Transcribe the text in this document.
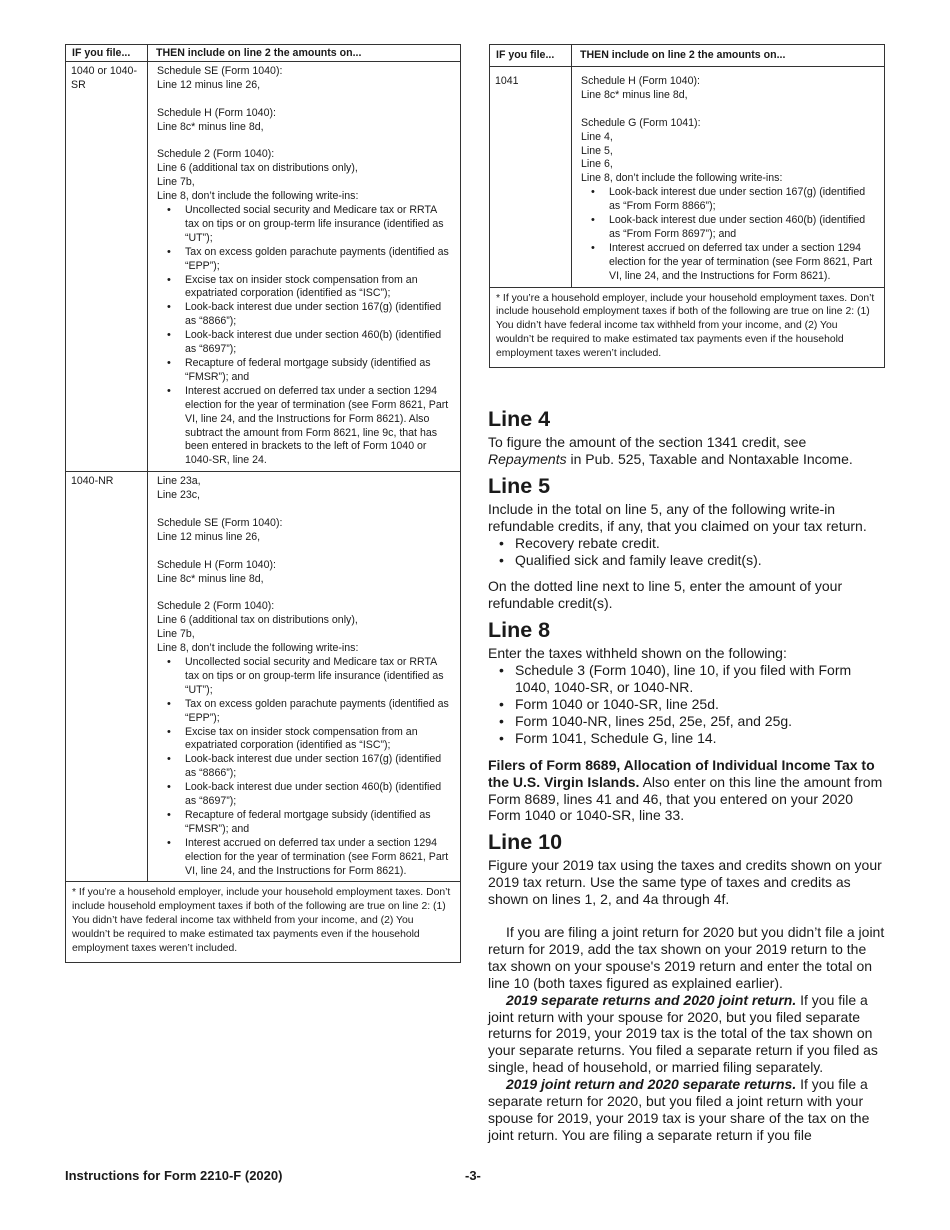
IF you file...	THEN include on line 2 the amounts on...
1040 or 1040-SR
Schedule SE (Form 1040):
Line 12 minus line 26,
Schedule H (Form 1040):
Line 8c* minus line 8d,
Schedule 2 (Form 1040):
Line 6 (additional tax on distributions only),
Line 7b,
Line 8, don’t include the following write-ins:
• Uncollected social security and Medicare tax or RRTA tax on tips or on group-term life insurance (identified as “UT”);
• Tax on excess golden parachute payments (identified as “EPP”);
• Excise tax on insider stock compensation from an expatriated corporation (identified as “ISC”);
• Look-back interest due under section 167(g) (identified as “8866”);
• Look-back interest due under section 460(b) (identified as “8697”);
• Recapture of federal mortgage subsidy (identified as “FMSR”); and
• Interest accrued on deferred tax under a section 1294 election for the year of termination (see Form 8621, Part VI, line 24, and the Instructions for Form 8621). Also subtract the amount from Form 8621, line 9c, that has been entered in brackets to the left of Form 1040 or 1040-SR, line 24.
1040-NR	Line 23a,
Line 23c,
Schedule SE (Form 1040):
Line 12 minus line 26,
Schedule H (Form 1040):
Line 8c* minus line 8d,
Schedule 2 (Form 1040):
Line 6 (additional tax on distributions only),
Line 7b,
Line 8, don’t include the following write-ins:
• Uncollected social security and Medicare tax or RRTA tax on tips or on group-term life insurance (identified as “UT”);
• Tax on excess golden parachute payments (identified as “EPP”);
• Excise tax on insider stock compensation from an expatriated corporation (identified as “ISC”);
• Look-back interest due under section 167(g) (identified as “8866”);
• Look-back interest due under section 460(b) (identified as “8697”);
• Recapture of federal mortgage subsidy (identified as “FMSR”); and
• Interest accrued on deferred tax under a section 1294 election for the year of termination (see Form 8621, Part VI, line 24, and the Instructions for Form 8621).
* If you’re a household employer, include your household employment taxes. Don’t include household employment taxes if both of the following are true on line 2: (1) You didn’t have federal income tax withheld from your income, and (2) You wouldn’t be required to make estimated tax payments even if the household employment taxes weren’t included.
IF you file...	THEN include on line 2 the amounts on...
1041	Schedule H (Form 1040):
Line 8c* minus line 8d,
Schedule G (Form 1041):
Line 4,
Line 5,
Line 6,
Line 8, don’t include the following write-ins:
• Look-back interest due under section 167(g) (identified as “From Form 8866”);
• Look-back interest due under section 460(b) (identified as “From Form 8697”); and
• Interest accrued on deferred tax under a section 1294 election for the year of termination (see Form 8621, Part VI, line 24, and the Instructions for Form 8621).
* If you’re a household employer, include your household employment taxes. Don’t include household employment taxes if both of the following are true on line 2: (1) You didn’t have federal income tax withheld from your income, and (2) You wouldn’t be required to make estimated tax payments even if the household employment taxes weren’t included.
Line 4

To figure the amount of the section 1341 credit, see Repayments in Pub. 525, Taxable and Nontaxable Income.

Line 5

Include in the total on line 5, any of the following write-in refundable credits, if any, that you claimed on your tax return.

• Recovery rebate credit.
• Qualified sick and family leave credit(s).

On the dotted line next to line 5, enter the amount of your refundable credit(s).

Line 8

Enter the taxes withheld shown on the following:

• Schedule 3 (Form 1040), line 10, if you filed with Form 1040, 1040-SR, or 1040-NR.
• Form 1040 or 1040-SR, line 25d.
• Form 1040-NR, lines 25d, 25e, 25f, and 25g.
• Form 1041, Schedule G, line 14.

Filers of Form 8689, Allocation of Individual Income Tax to the U.S. Virgin Islands. Also enter on this line the amount from Form 8689, lines 41 and 46, that you entered on your 2020 Form 1040 or 1040-SR, line 33.

Line 10

Figure your 2019 tax using the taxes and credits shown on your 2019 tax return. Use the same type of taxes and credits as shown on lines 1, 2, and 4a through 4f.

If you are filing a joint return for 2020 but you didn’t file a joint return for 2019, add the tax shown on your 2019 return to the tax shown on your spouse's 2019 return and enter the total on line 10 (both taxes figured as explained earlier).

2019 separate returns and 2020 joint return. If you file a joint return with your spouse for 2020, but you filed separate returns for 2019, your 2019 tax is the total of the tax shown on your separate returns. You filed a separate return if you filed as single, head of household, or married filing separately.

2019 joint return and 2020 separate returns. If you file a separate return for 2020, but you filed a joint return with your spouse for 2019, your 2019 tax is your share of the tax on the joint return. You are filing a separate return if you file

Instructions for Form 2210-F (2020)	-3-
